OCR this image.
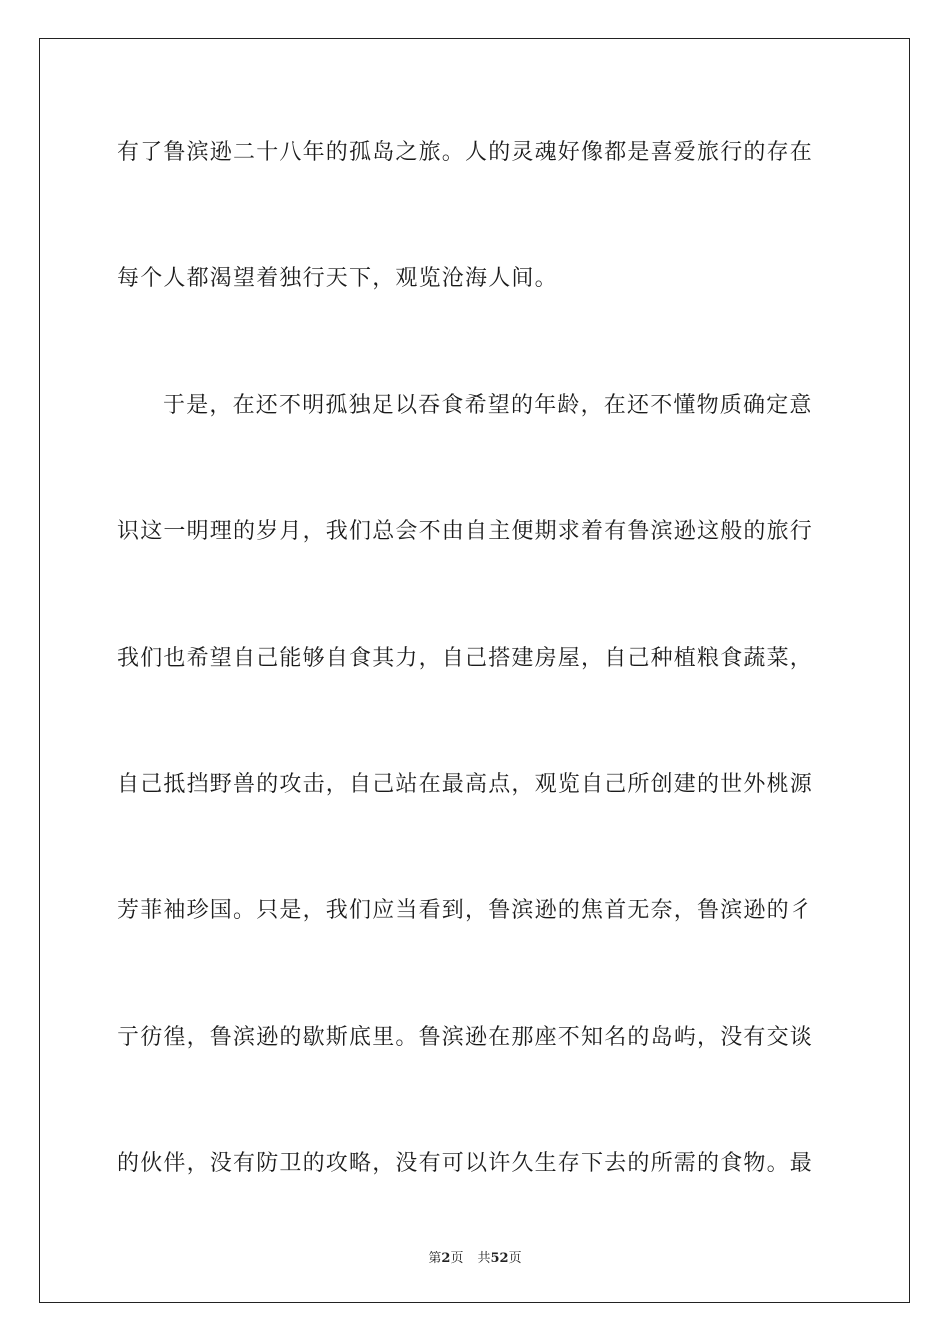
有了鲁滨逊二十八年的孤岛之旅。人的灵魂好像都是喜爱旅行的存在
每个人都渴望着独行天下，观览沧海人间。
于是，在还不明孤独足以吞食希望的年龄，在还不懂物质确定意
识这一明理的岁月，我们总会不由自主便期求着有鲁滨逊这般的旅行
我们也希望自己能够自食其力，自己搭建房屋，自己种植粮食蔬菜，
自己抵挡野兽的攻击，自己站在最高点，观览自己所创建的世外桃源
芳菲袖珍国。只是，我们应当看到，鲁滨逊的焦首无奈，鲁滨逊的彳
亍彷徨，鲁滨逊的歇斯底里。鲁滨逊在那座不知名的岛屿，没有交谈
的伙伴，没有防卫的攻略，没有可以许久生存下去的所需的食物。最
第2页 共52页
